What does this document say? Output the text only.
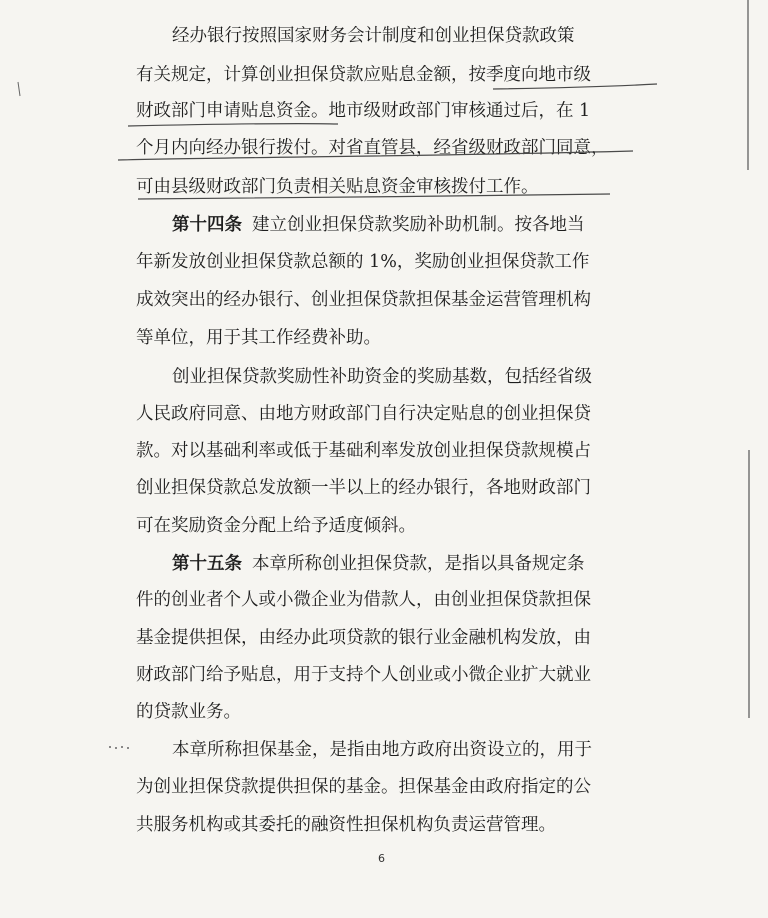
经办银行按照国家财务会计制度和创业担保贷款政策
有关规定，计算创业担保贷款应贴息金额，按季度向地市级
财政部门申请贴息资金。地市级财政部门审核通过后，在 1
个月内向经办银行拨付。对省直管县，经省级财政部门同意，
可由县级财政部门负责相关贴息资金审核拨付工作。
第十四条 建立创业担保贷款奖励补助机制。按各地当
年新发放创业担保贷款总额的 1%，奖励创业担保贷款工作
成效突出的经办银行、创业担保贷款担保基金运营管理机构
等单位，用于其工作经费补助。
创业担保贷款奖励性补助资金的奖励基数，包括经省级
人民政府同意、由地方财政部门自行决定贴息的创业担保贷
款。对以基础利率或低于基础利率发放创业担保贷款规模占
创业担保贷款总发放额一半以上的经办银行，各地财政部门
可在奖励资金分配上给予适度倾斜。
第十五条 本章所称创业担保贷款，是指以具备规定条
件的创业者个人或小微企业为借款人，由创业担保贷款担保
基金提供担保，由经办此项贷款的银行业金融机构发放，由
财政部门给予贴息，用于支持个人创业或小微企业扩大就业
的贷款业务。
本章所称担保基金，是指由地方政府出资设立的，用于
为创业担保贷款提供担保的基金。担保基金由政府指定的公
共服务机构或其委托的融资性担保机构负责运营管理。
6
